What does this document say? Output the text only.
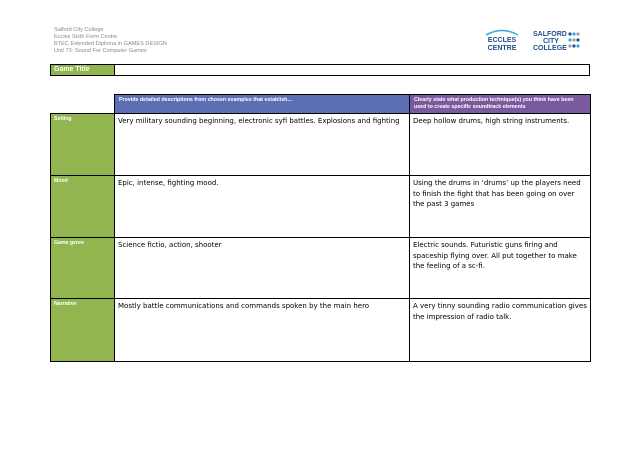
Salford City College
Eccles Sixth Form Centre
BTEC Extended Diploma in GAMES DESIGN
Unit 73: Sound For Computer Games
ECCLES
CENTRE
SALFORD
CITY
COLLEGE
Game Title
	Provide detailed descriptions from chosen examples that establish...	Clearly state what production technique(s) you think have been used to create specific soundtrack elements
Setting	Very military sounding beginning, electronic syfi battles. Explosions and fighting	Deep hollow drums, high string instruments.
Mood	Epic, intense, fighting mood.	Using the drums in ‘drums’ up the players need to finish the fight that has been going on over the past 3 games
Game genre	Science fictio, action, shooter	Electric sounds. Futuristic guns firing and spaceship flying over. All put together to make the feeling of a sc-fi.
Narrative	Mostly battle communications and commands spoken by the main hero	A very tinny sounding radio communication gives the impression of radio talk.
